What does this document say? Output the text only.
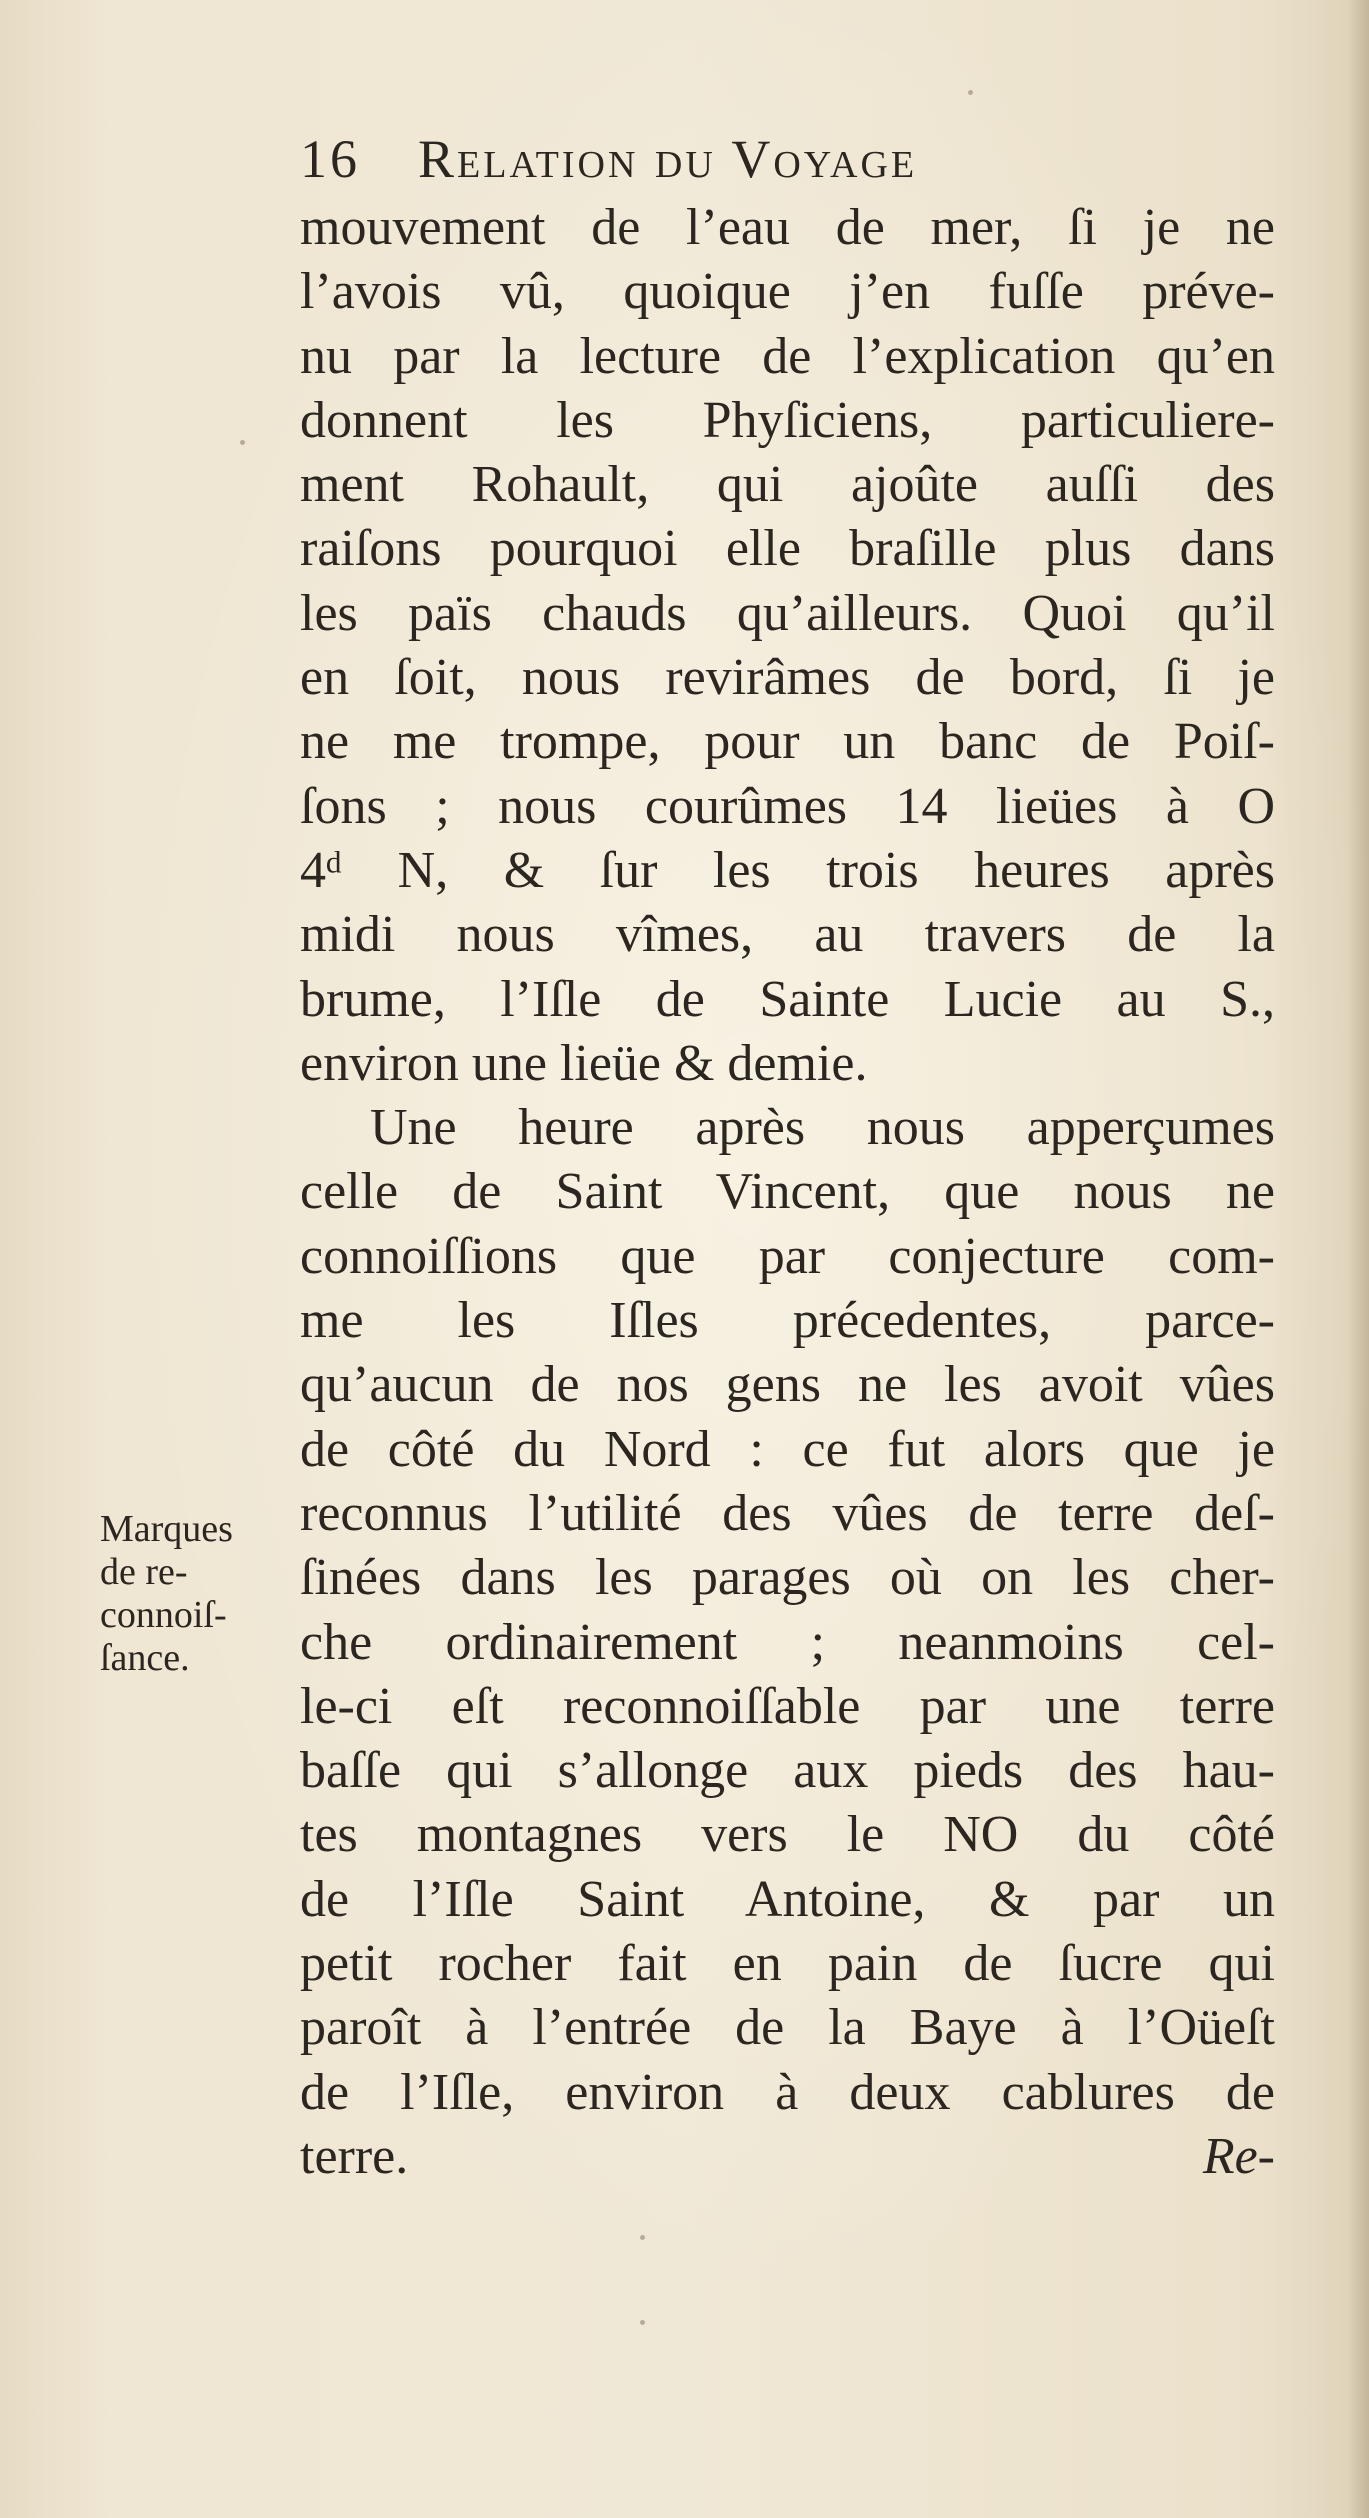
16 Relation du Voyage
mouvement de l’eau de mer, ſi je ne
l’avois vû, quoique j’en fuſſe préve-
nu par la lecture de l’explication qu’en
donnent les Phyſiciens, particuliere-
ment Rohault, qui ajoûte auſſi des
raiſons pourquoi elle braſille plus dans
les païs chauds qu’ailleurs. Quoi qu’il
en ſoit, nous revirâmes de bord, ſi je
ne me trompe, pour un banc de Poiſ-
ſons ; nous courûmes 14 lieües à O
4ᵈ N, & ſur les trois heures après
midi nous vîmes, au travers de la
brume, l’Iſle de Sainte Lucie au S.,
environ une lieüe & demie.
Une heure après nous apperçumes
celle de Saint Vincent, que nous ne
connoiſſions que par conjecture com-
me les Iſles précedentes, parce-
qu’aucun de nos gens ne les avoit vûes
de côté du Nord : ce fut alors que je
reconnus l’utilité des vûes de terre deſ-
ſinées dans les parages où on les cher-
che ordinairement ; neanmoins cel-
le-ci eſt reconnoiſſable par une terre
baſſe qui s’allonge aux pieds des hau-
tes montagnes vers le NO du côté
de l’Iſle Saint Antoine, & par un
petit rocher fait en pain de ſucre qui
paroît à l’entrée de la Baye à l’Oüeſt
de l’Iſle, environ à deux cablures de
terre.	Re-
Marques
de re-
connoiſ-
ſance.
